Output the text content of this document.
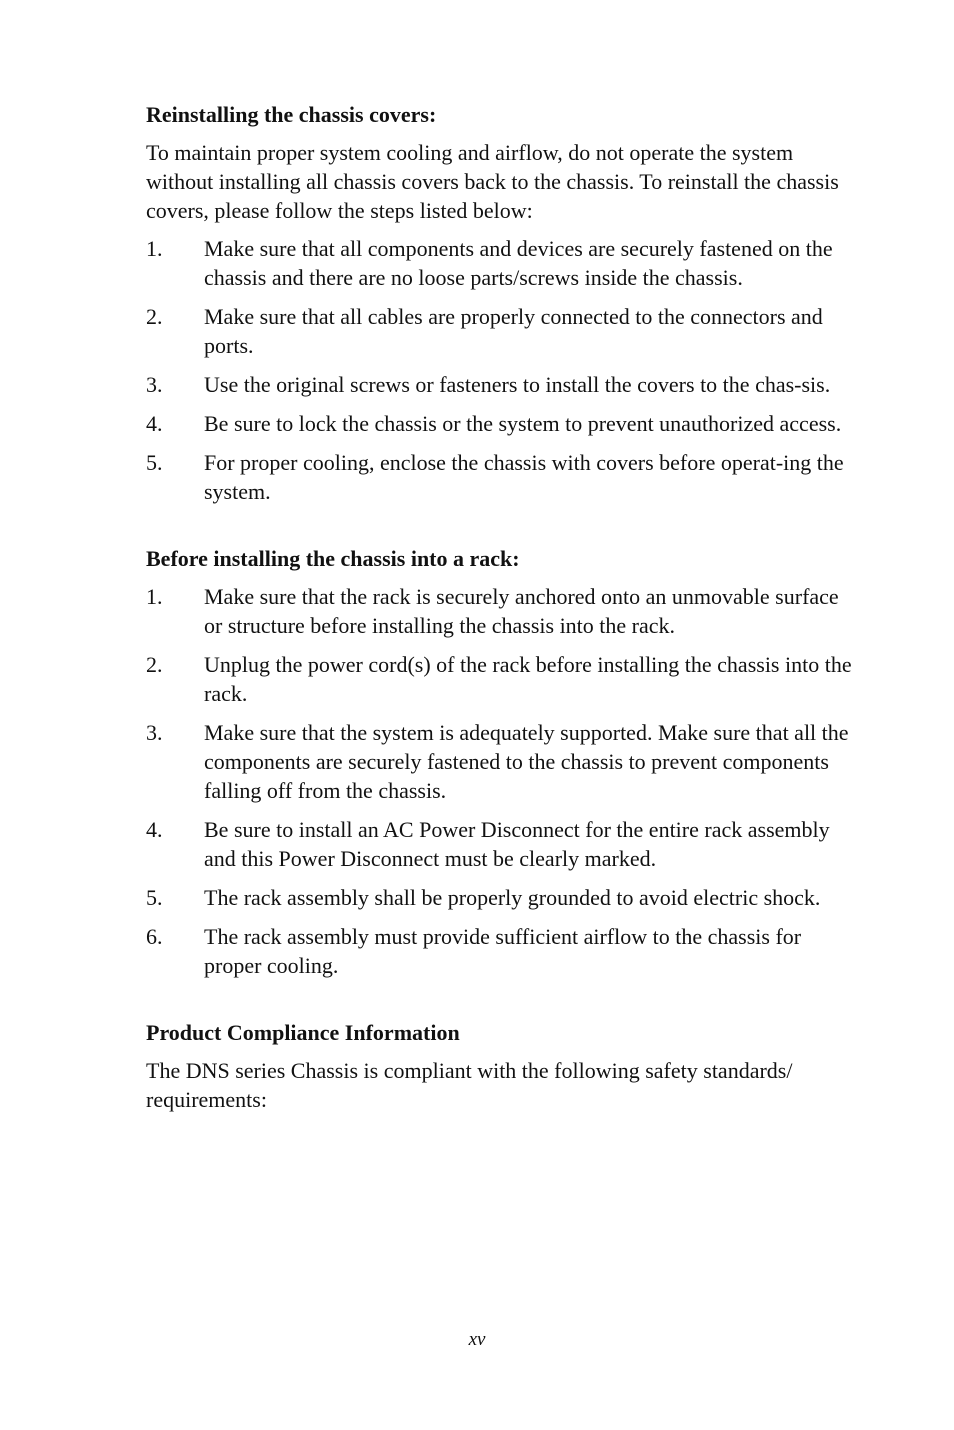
Reinstalling the chassis covers:
To maintain proper system cooling and airflow, do not operate the system without installing all chassis covers back to the chassis. To reinstall the chassis covers, please follow the steps listed below:
1.	Make sure that all components and devices are securely fastened on the chassis and there are no loose parts/screws inside the chassis.
2.	Make sure that all cables are properly connected to the connectors and ports.
3.	Use the original screws or fasteners to install the covers to the chas-sis.
4.	Be sure to lock the chassis or the system to prevent unauthorized access.
5.	For proper cooling, enclose the chassis with covers before operat-ing the system.
Before installing the chassis into a rack:
1.	Make sure that the rack is securely anchored onto an unmovable surface or structure before installing the chassis into the rack.
2.	Unplug the power cord(s) of the rack before installing the chassis into the rack.
3.	Make sure that the system is adequately supported. Make sure that all the components are securely fastened to the chassis to prevent components falling off from the chassis.
4.	Be sure to install an AC Power Disconnect for the entire rack assembly and this Power Disconnect must be clearly marked.
5.	The rack assembly shall be properly grounded to avoid electric shock.
6.	The rack assembly must provide sufficient airflow to the chassis for proper cooling.
Product Compliance Information
The DNS series Chassis is compliant with the following safety standards/ requirements:
xv
